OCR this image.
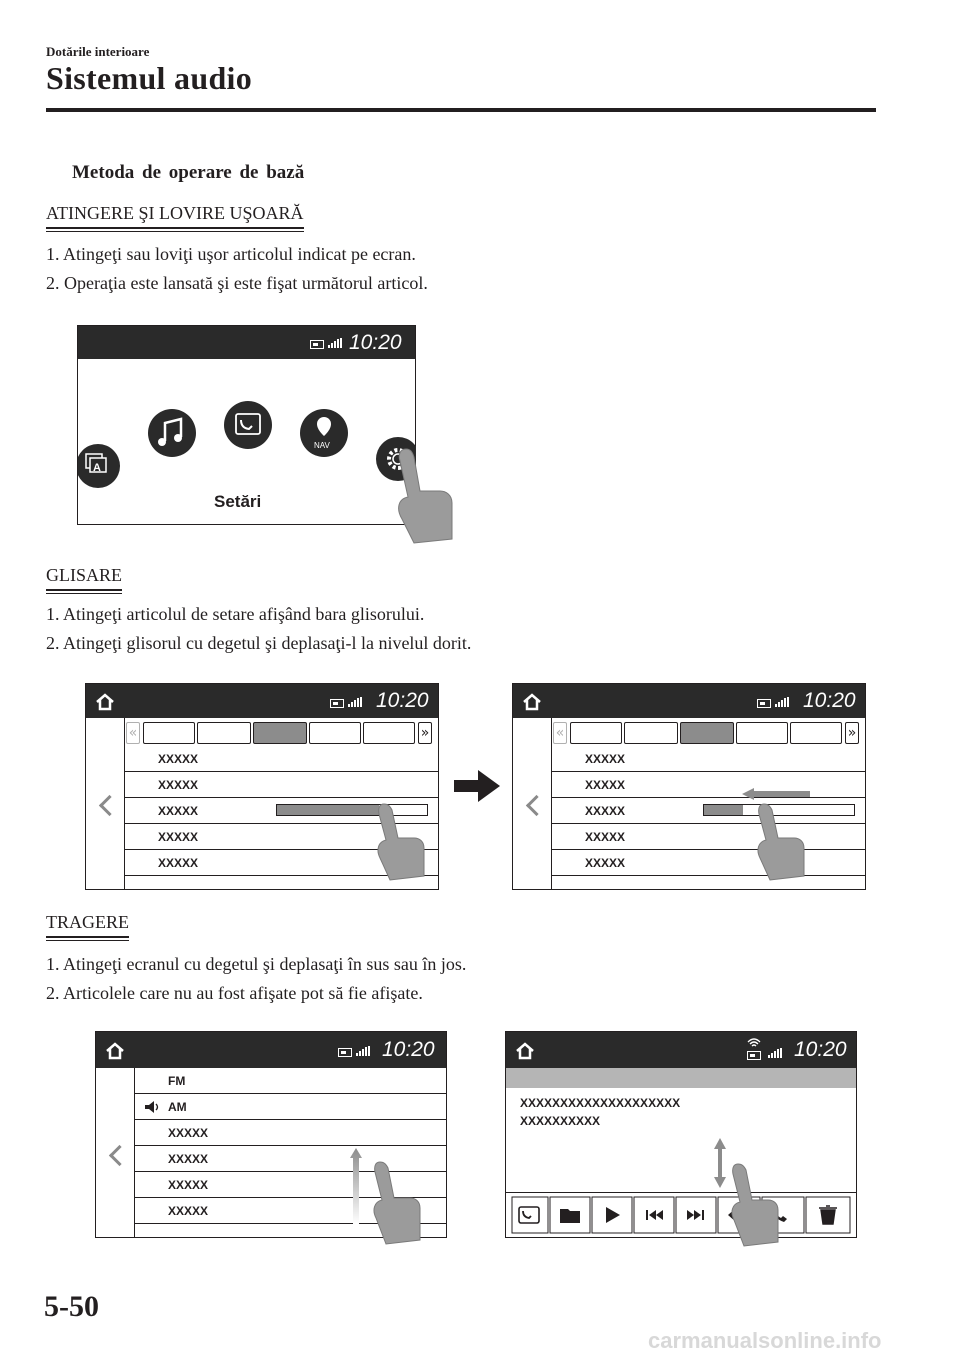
Dotările interioare
Sistemul audio
Metoda de operare de bază
ATINGERE ŞI LOVIRE UŞOARĂ
1. Atingeţi sau loviţi uşor articolul indicat pe ecran.
2. Operaţia este lansată şi este fişat următorul articol.
10:20
A
NAV
Setări
GLISARE
1. Atingeţi articolul de setare afişând bara glisorului.
2. Atingeţi glisorul cu degetul şi deplasaţi-l la nivelul dorit.
10:20
«	»
XXXXX
XXXXX
XXXXX
XXXXX
XXXXX
10:20
«	»
XXXXX
XXXXX
XXXXX
XXXXX
XXXXX
TRAGERE
1. Atingeţi ecranul cu degetul şi deplasaţi în sus sau în jos.
2. Articolele care nu au fost afişate pot să fie afişate.
10:20
FM
AM
XXXXX
XXXXX
XXXXX
XXXXX
10:20
XXXXXXXXXXXXXXXXXXXX
XXXXXXXXXX
5-50
carmanualsonline.info
